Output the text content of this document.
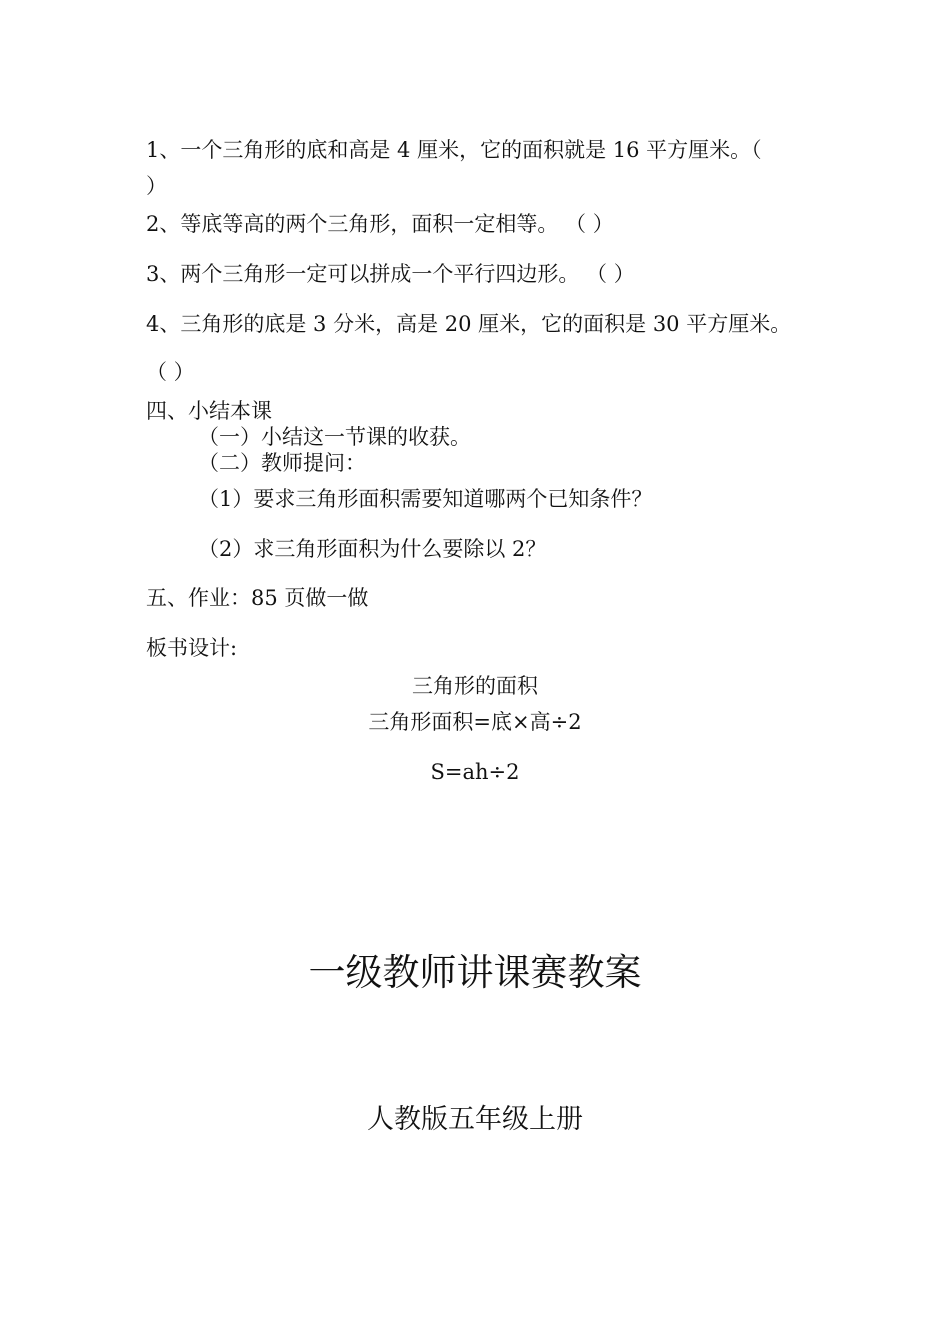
1、一个三角形的底和高是 4 厘米，它的面积就是 16 平方厘米。（
）
2、等底等高的两个三角形，面积一定相等。 （ ）
3、两个三角形一定可以拼成一个平行四边形。 （ ）
4、三角形的底是 3 分米，高是 20 厘米，它的面积是 30 平方厘米。
（ ）
四、小结本课
（一）小结这一节课的收获。
（二）教师提问：
（1）要求三角形面积需要知道哪两个已知条件？
（2）求三角形面积为什么要除以 2？
五、作业：85 页做一做
板书设计:
三角形的面积
三角形面积=底×高÷2
S=ah÷2
一级教师讲课赛教案
人教版五年级上册
